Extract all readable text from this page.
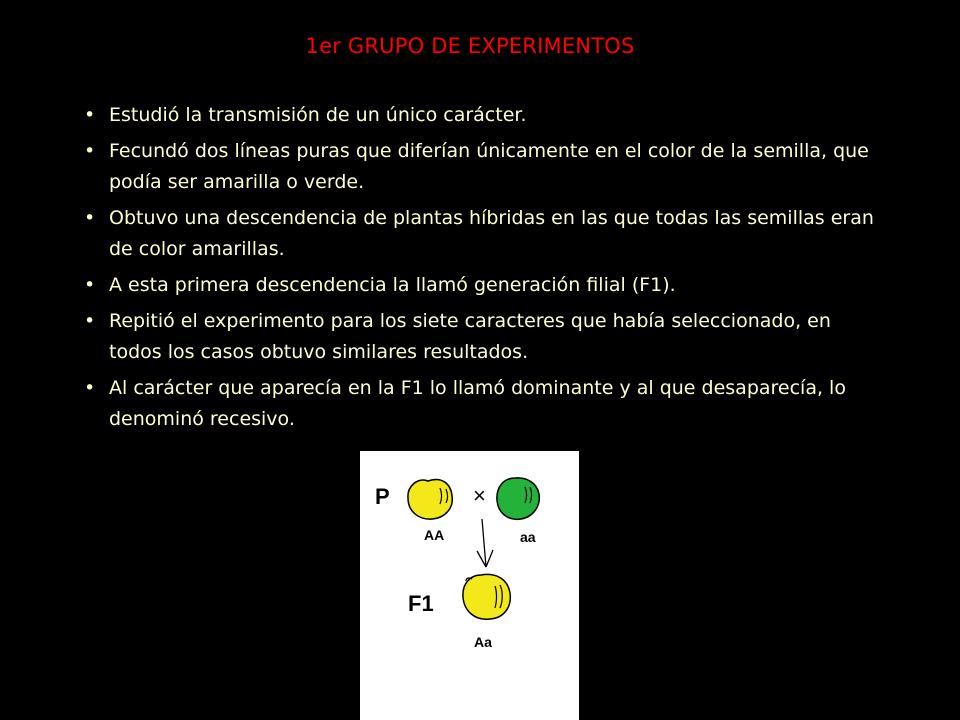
1er GRUPO DE EXPERIMENTOS
• Estudió la transmisión de un único carácter.
• Fecundó dos líneas puras que diferían únicamente en el color de la semilla, que podía ser amarilla o verde.
• Obtuvo una descendencia de plantas híbridas en las que todas las semillas eran de color amarillas.
• A esta primera descendencia la llamó generación filial (F1).
• Repitió el experimento para los siete caracteres que había seleccionado, en todos los casos obtuvo similares resultados.
• Al carácter que aparecía en la F1 lo llamó dominante y al que desaparecía, lo denominó recesivo.
P	×
AA	aa
F1
Aa
